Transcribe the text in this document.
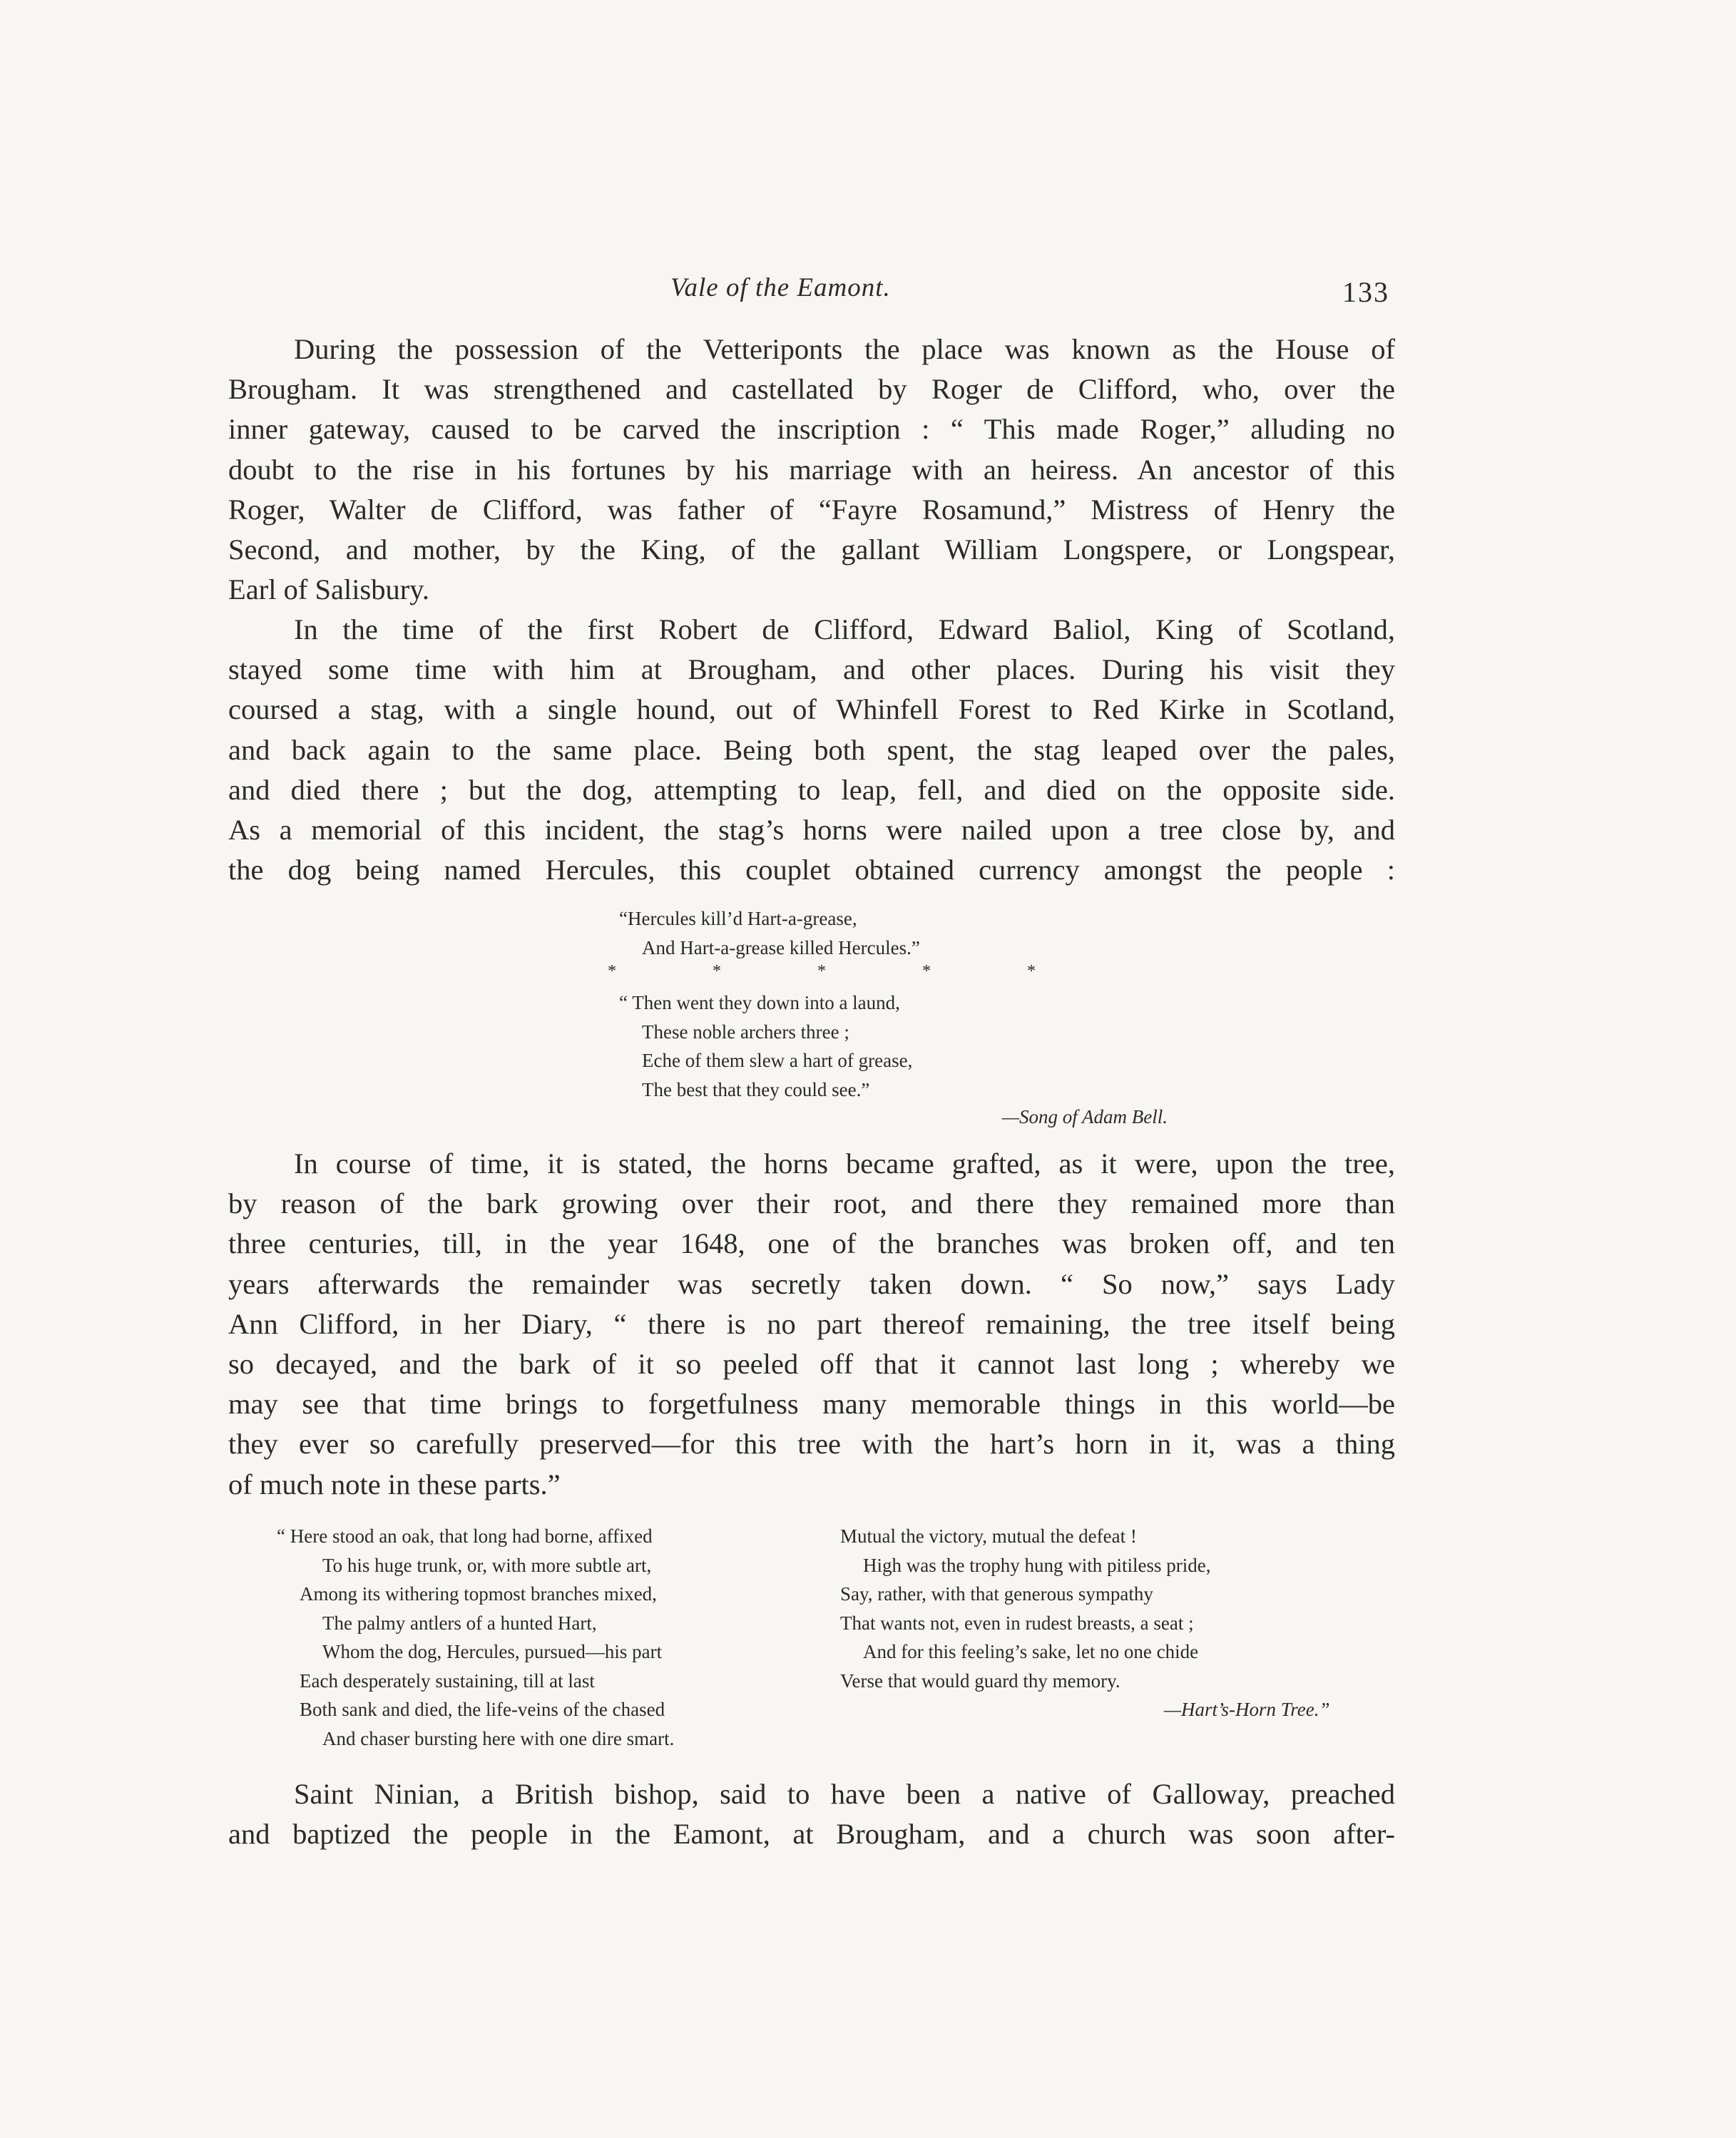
Vale of the Eamont.	133

During the possession of the Vetteriponts the place was known as the House of

Brougham. It was strengthened and castellated by Roger de Clifford, who, over the

inner gateway, caused to be carved the inscription : “ This made Roger,” alluding no

doubt to the rise in his fortunes by his marriage with an heiress. An ancestor of this

Roger, Walter de Clifford, was father of “Fayre Rosamund,” Mistress of Henry the

Second, and mother, by the King, of the gallant William Longspere, or Longspear,

Earl of Salisbury.

In the time of the first Robert de Clifford, Edward Baliol, King of Scotland,

stayed some time with him at Brougham, and other places. During his visit they

coursed a stag, with a single hound, out of Whinfell Forest to Red Kirke in Scotland,

and back again to the same place. Being both spent, the stag leaped over the pales,

and died there ; but the dog, attempting to leap, fell, and died on the opposite side.

As a memorial of this incident, the stag’s horns were nailed upon a tree close by, and

the dog being named Hercules, this couplet obtained currency amongst the people :

“Hercules kill’d Hart-a-grease,
And Hart-a-grease killed Hercules.”
*	*	*	*	*
“ Then went they down into a laund,
These noble archers three ;
Eche of them slew a hart of grease,
The best that they could see.”
—Song of Adam Bell.

In course of time, it is stated, the horns became grafted, as it were, upon the tree,

by reason of the bark growing over their root, and there they remained more than

three centuries, till, in the year 1648, one of the branches was broken off, and ten

years afterwards the remainder was secretly taken down. “ So now,” says Lady

Ann Clifford, in her Diary, “ there is no part thereof remaining, the tree itself being

so decayed, and the bark of it so peeled off that it cannot last long ; whereby we

may see that time brings to forgetfulness many memorable things in this world—be

they ever so carefully preserved—for this tree with the hart’s horn in it, was a thing

of much note in these parts.”

“ Here stood an oak, that long had borne, affixed
To his huge trunk, or, with more subtle art,
Among its withering topmost branches mixed,
The palmy antlers of a hunted Hart,
Whom the dog, Hercules, pursued—his part
Each desperately sustaining, till at last
Both sank and died, the life-veins of the chased
And chaser bursting here with one dire smart.
Mutual the victory, mutual the defeat !
High was the trophy hung with pitiless pride,
Say, rather, with that generous sympathy
That wants not, even in rudest breasts, a seat ;
And for this feeling’s sake, let no one chide
Verse that would guard thy memory.
—Hart’s-Horn Tree.”

Saint Ninian, a British bishop, said to have been a native of Galloway, preached

and baptized the people in the Eamont, at Brougham, and a church was soon after-
